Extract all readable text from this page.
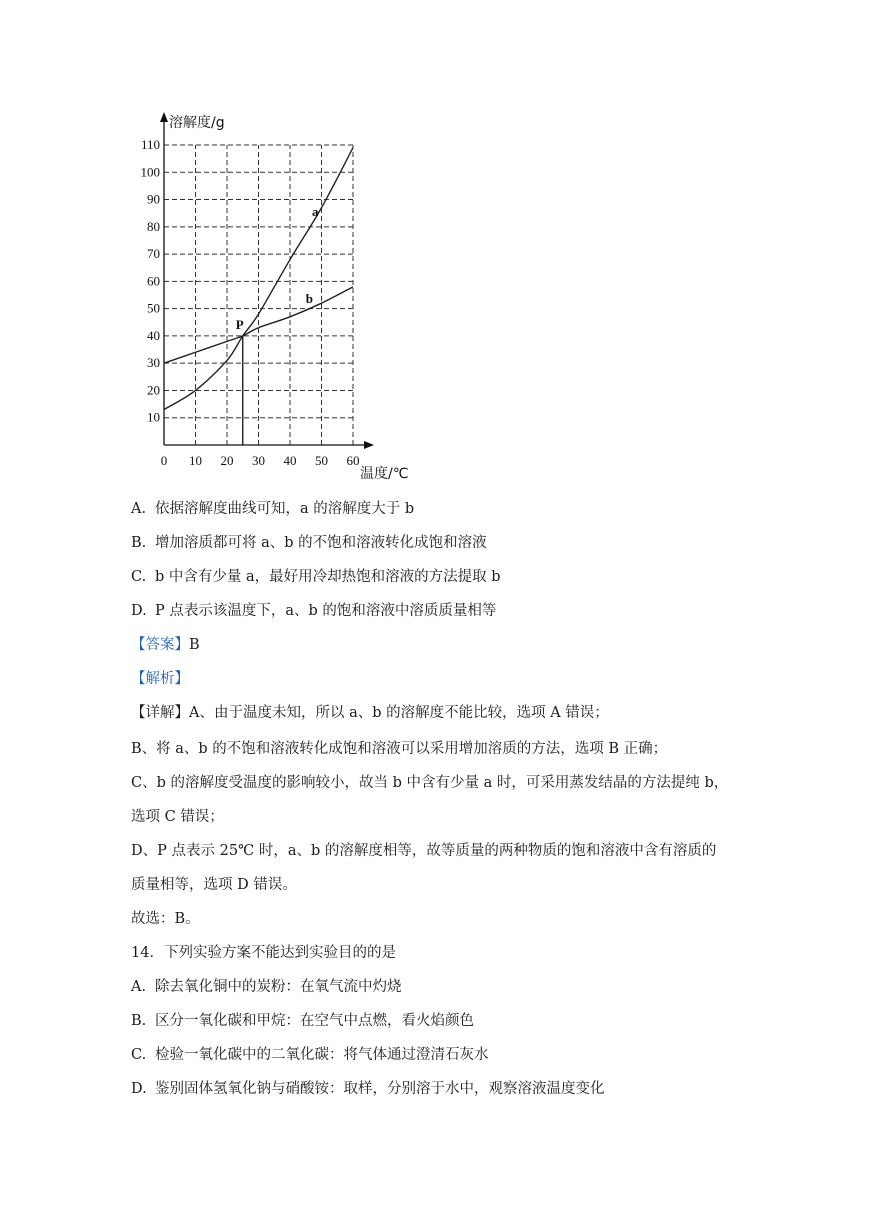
10
20
30
40
50
60
70
80
90
100
110
0 10 20 30 40 50 60
溶解度/g
温度/℃
a
b
P
A. 依据溶解度曲线可知，a 的溶解度大于 b
B. 增加溶质都可将 a、b 的不饱和溶液转化成饱和溶液
C. b 中含有少量 a，最好用冷却热饱和溶液的方法提取 b
D. P 点表示该温度下，a、b 的饱和溶液中溶质质量相等
【答案】B
【解析】
【详解】A、由于温度未知，所以 a、b 的溶解度不能比较，选项 A 错误；
B、将 a、b 的不饱和溶液转化成饱和溶液可以采用增加溶质的方法，选项 B 正确；
C、b 的溶解度受温度的影响较小，故当 b 中含有少量 a 时，可采用蒸发结晶的方法提纯 b，
选项 C 错误；
D、P 点表示 25℃ 时，a、b 的溶解度相等，故等质量的两种物质的饱和溶液中含有溶质的
质量相等，选项 D 错误。
故选：B。
14．下列实验方案不能达到实验目的的是
A. 除去氧化铜中的炭粉：在氧气流中灼烧
B. 区分一氧化碳和甲烷：在空气中点燃，看火焰颜色
C. 检验一氧化碳中的二氧化碳：将气体通过澄清石灰水
D. 鉴别固体氢氧化钠与硝酸铵：取样，分别溶于水中，观察溶液温度变化
